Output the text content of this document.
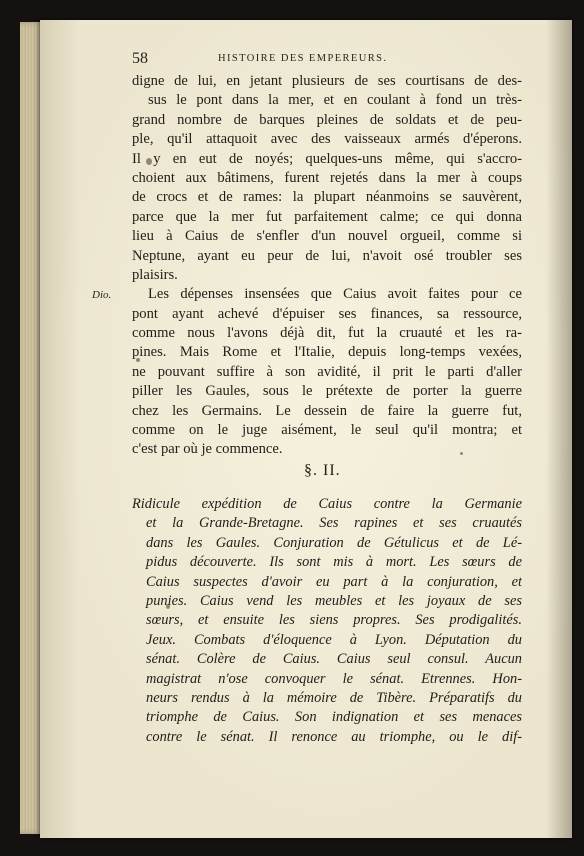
58	HISTOIRE DES EMPEREURS.
Dio.
digne de lui, en jetant plusieurs de ses courtisans de des-
sus le pont dans la mer, et en coulant à fond un très-
grand nombre de barques pleines de soldats et de peu-
ple, qu'il attaquoit avec des vaisseaux armés d'éperons.
Il y en eut de noyés; quelques-uns même, qui s'accro-
choient aux bâtimens, furent rejetés dans la mer à coups
de crocs et de rames: la plupart néanmoins se sauvèrent,
parce que la mer fut parfaitement calme; ce qui donna
lieu à Caius de s'enfler d'un nouvel orgueil, comme si
Neptune, ayant eu peur de lui, n'avoit osé troubler ses
plaisirs.
Les dépenses insensées que Caius avoit faites pour ce
pont ayant achevé d'épuiser ses finances, sa ressource,
comme nous l'avons déjà dit, fut la cruauté et les ra-
pines. Mais Rome et l'Italie, depuis long-temps vexées,
ne pouvant suffire à son avidité, il prit le parti d'aller
piller les Gaules, sous le prétexte de porter la guerre
chez les Germains. Le dessein de faire la guerre fut,
comme on le juge aisément, le seul qu'il montra; et
c'est par où je commence.
§. II.
Ridicule expédition de Caius contre la Germanie
et la Grande-Bretagne. Ses rapines et ses cruautés
dans les Gaules. Conjuration de Gétulicus et de Lé-
pidus découverte. Ils sont mis à mort. Les sœurs de
Caius suspectes d'avoir eu part à la conjuration, et
punies. Caius vend les meubles et les joyaux de ses
sœurs, et ensuite les siens propres. Ses prodigalités.
Jeux. Combats d'éloquence à Lyon. Députation du
sénat. Colère de Caius. Caius seul consul. Aucun
magistrat n'ose convoquer le sénat. Etrennes. Hon-
neurs rendus à la mémoire de Tibère. Préparatifs du
triomphe de Caius. Son indignation et ses menaces
contre le sénat. Il renonce au triomphe, ou le dif-
